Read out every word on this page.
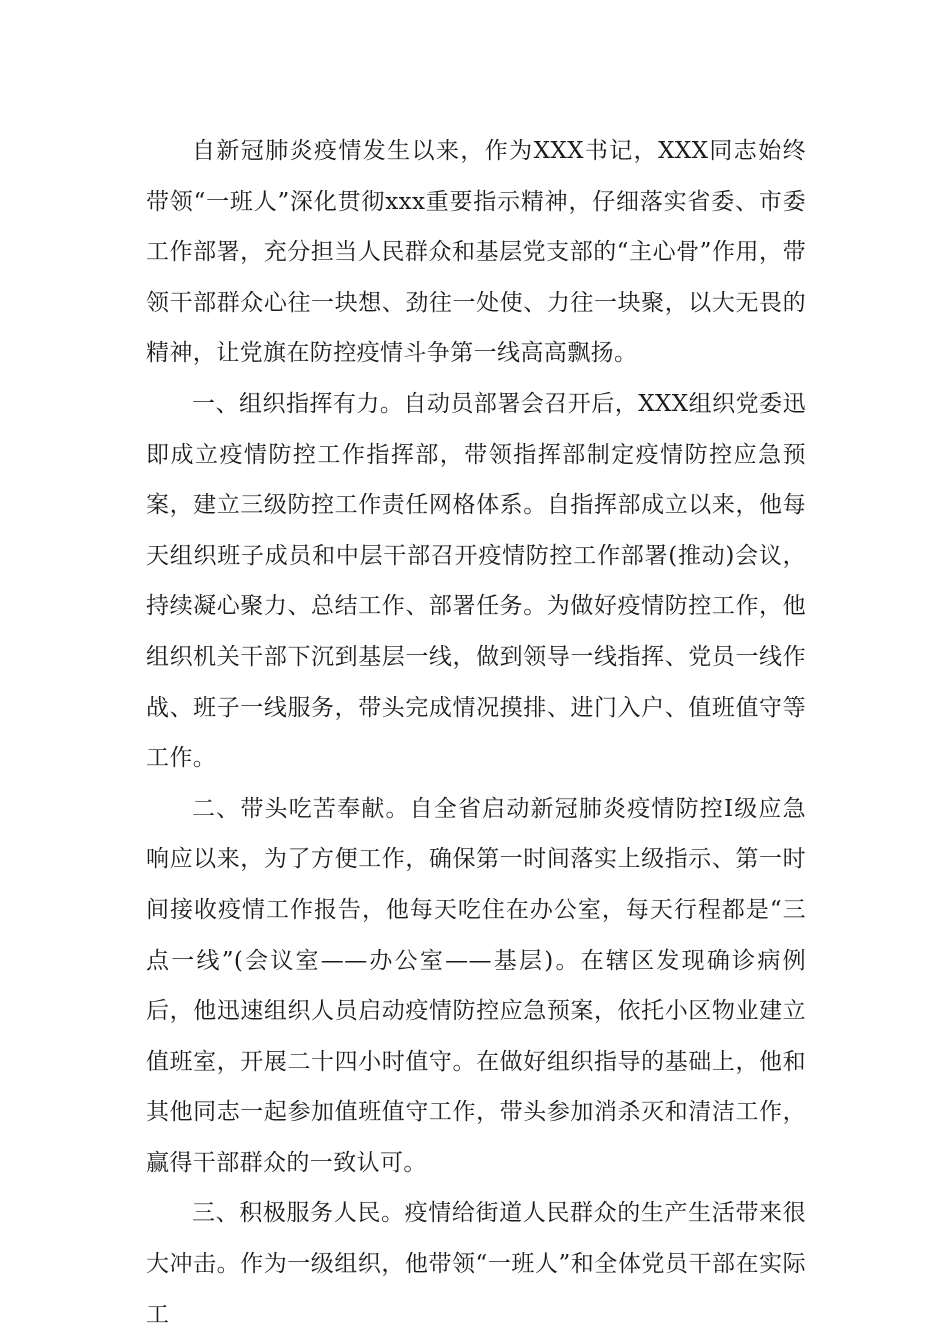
自新冠肺炎疫情发生以来，作为XXX书记，XXX同志始终带领“一班人”深化贯彻xxx重要指示精神，仔细落实省委、市委工作部署，充分担当人民群众和基层党支部的“主心骨”作用，带领干部群众心往一块想、劲往一处使、力往一块聚，以大无畏的精神，让党旗在防控疫情斗争第一线高高飘扬。

一、组织指挥有力。自动员部署会召开后，XXX组织党委迅即成立疫情防控工作指挥部，带领指挥部制定疫情防控应急预案，建立三级防控工作责任网格体系。自指挥部成立以来，他每天组织班子成员和中层干部召开疫情防控工作部署(推动)会议，持续凝心聚力、总结工作、部署任务。为做好疫情防控工作，他组织机关干部下沉到基层一线，做到领导一线指挥、党员一线作战、班子一线服务，带头完成情况摸排、进门入户、值班值守等工作。

二、带头吃苦奉献。自全省启动新冠肺炎疫情防控Ⅰ级应急响应以来，为了方便工作，确保第一时间落实上级指示、第一时间接收疫情工作报告，他每天吃住在办公室，每天行程都是“三点一线”(会议室——办公室——基层)。在辖区发现确诊病例后，他迅速组织人员启动疫情防控应急预案，依托小区物业建立值班室，开展二十四小时值守。在做好组织指导的基础上，他和其他同志一起参加值班值守工作，带头参加消杀灭和清洁工作，赢得干部群众的一致认可。

三、积极服务人民。疫情给街道人民群众的生产生活带来很大冲击。作为一级组织，他带领“一班人”和全体党员干部在实际工
